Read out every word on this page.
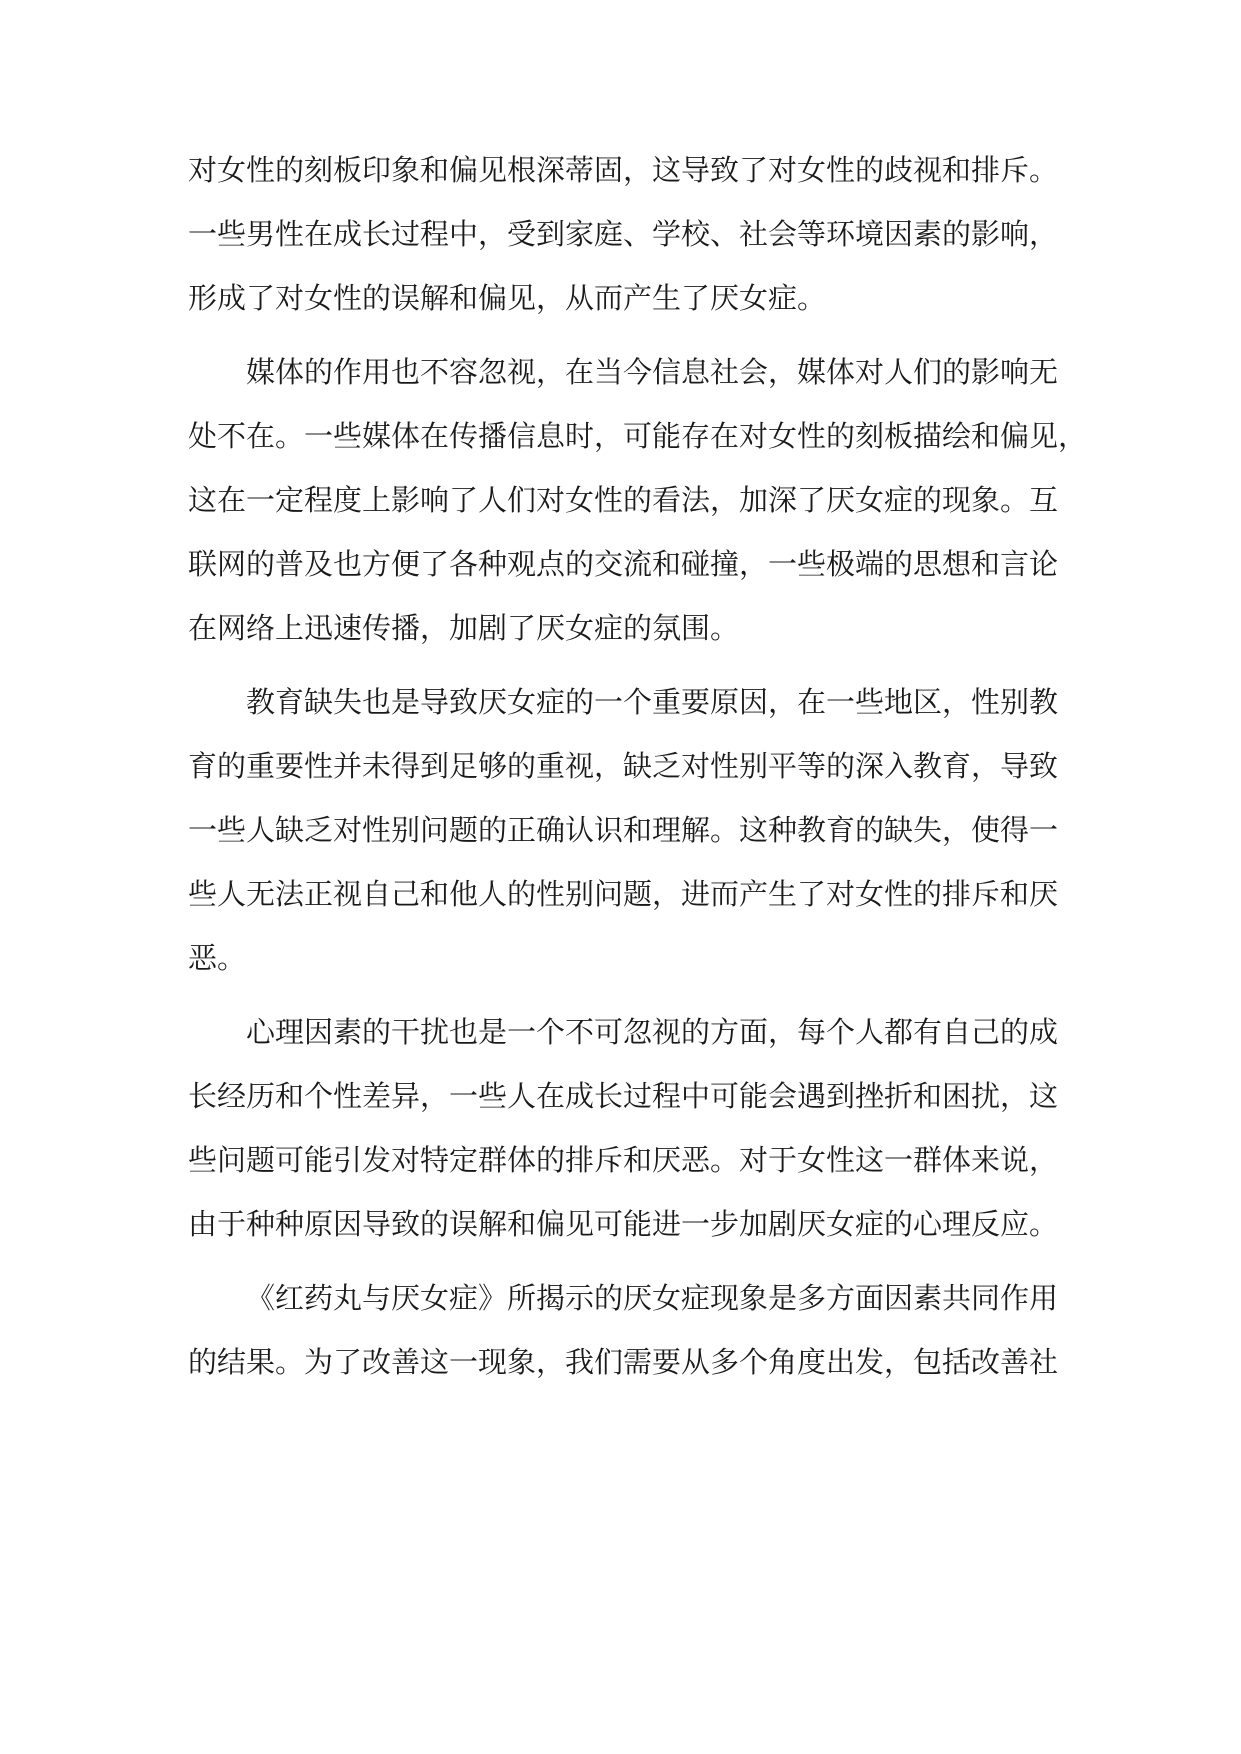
对女性的刻板印象和偏见根深蒂固，这导致了对女性的歧视和排斥。
一些男性在成长过程中，受到家庭、学校、社会等环境因素的影响，
形成了对女性的误解和偏见，从而产生了厌女症。
媒体的作用也不容忽视，在当今信息社会，媒体对人们的影响无
处不在。一些媒体在传播信息时，可能存在对女性的刻板描绘和偏见，
这在一定程度上影响了人们对女性的看法，加深了厌女症的现象。互
联网的普及也方便了各种观点的交流和碰撞，一些极端的思想和言论
在网络上迅速传播，加剧了厌女症的氛围。
教育缺失也是导致厌女症的一个重要原因，在一些地区，性别教
育的重要性并未得到足够的重视，缺乏对性别平等的深入教育，导致
一些人缺乏对性别问题的正确认识和理解。这种教育的缺失，使得一
些人无法正视自己和他人的性别问题，进而产生了对女性的排斥和厌
恶。
心理因素的干扰也是一个不可忽视的方面，每个人都有自己的成
长经历和个性差异，一些人在成长过程中可能会遇到挫折和困扰，这
些问题可能引发对特定群体的排斥和厌恶。对于女性这一群体来说，
由于种种原因导致的误解和偏见可能进一步加剧厌女症的心理反应。
《红药丸与厌女症》所揭示的厌女症现象是多方面因素共同作用
的结果。为了改善这一现象，我们需要从多个角度出发，包括改善社
